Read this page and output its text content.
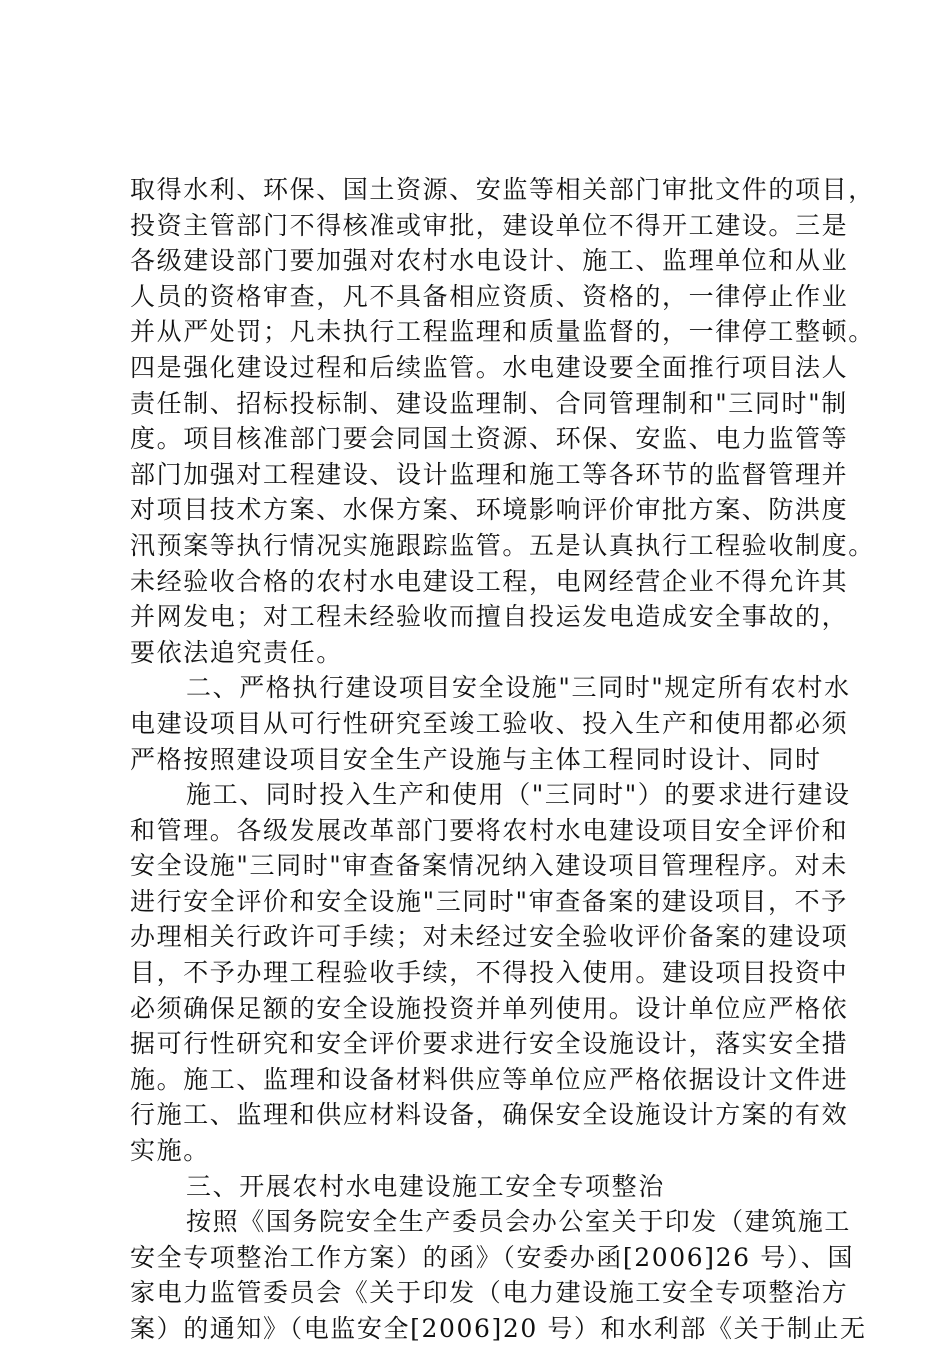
取得水利、环保、国土资源、安监等相关部门审批文件的项目，
投资主管部门不得核准或审批，建设单位不得开工建设。三是
各级建设部门要加强对农村水电设计、施工、监理单位和从业
人员的资格审查，凡不具备相应资质、资格的，一律停止作业
并从严处罚；凡未执行工程监理和质量监督的，一律停工整顿。
四是强化建设过程和后续监管。水电建设要全面推行项目法人
责任制、招标投标制、建设监理制、合同管理制和"三同时"制
度。项目核准部门要会同国土资源、环保、安监、电力监管等
部门加强对工程建设、设计监理和施工等各环节的监督管理并
对项目技术方案、水保方案、环境影响评价审批方案、防洪度
汛预案等执行情况实施跟踪监管。五是认真执行工程验收制度。
未经验收合格的农村水电建设工程，电网经营企业不得允许其
并网发电；对工程未经验收而擅自投运发电造成安全事故的，
要依法追究责任。
二、严格执行建设项目安全设施"三同时"规定所有农村水
电建设项目从可行性研究至竣工验收、投入生产和使用都必须
严格按照建设项目安全生产设施与主体工程同时设计、同时
施工、同时投入生产和使用（"三同时"）的要求进行建设
和管理。各级发展改革部门要将农村水电建设项目安全评价和
安全设施"三同时"审查备案情况纳入建设项目管理程序。对未
进行安全评价和安全设施"三同时"审查备案的建设项目，不予
办理相关行政许可手续；对未经过安全验收评价备案的建设项
目，不予办理工程验收手续，不得投入使用。建设项目投资中
必须确保足额的安全设施投资并单列使用。设计单位应严格依
据可行性研究和安全评价要求进行安全设施设计，落实安全措
施。施工、监理和设备材料供应等单位应严格依据设计文件进
行施工、监理和供应材料设备，确保安全设施设计方案的有效
实施。
三、开展农村水电建设施工安全专项整治
按照《国务院安全生产委员会办公室关于印发（建筑施工
安全专项整治工作方案）的函》（安委办函[2006]26 号）、国
家电力监管委员会《关于印发（电力建设施工安全专项整治方
案）的通知》（电监安全[2006]20 号）和水利部《关于制止无
